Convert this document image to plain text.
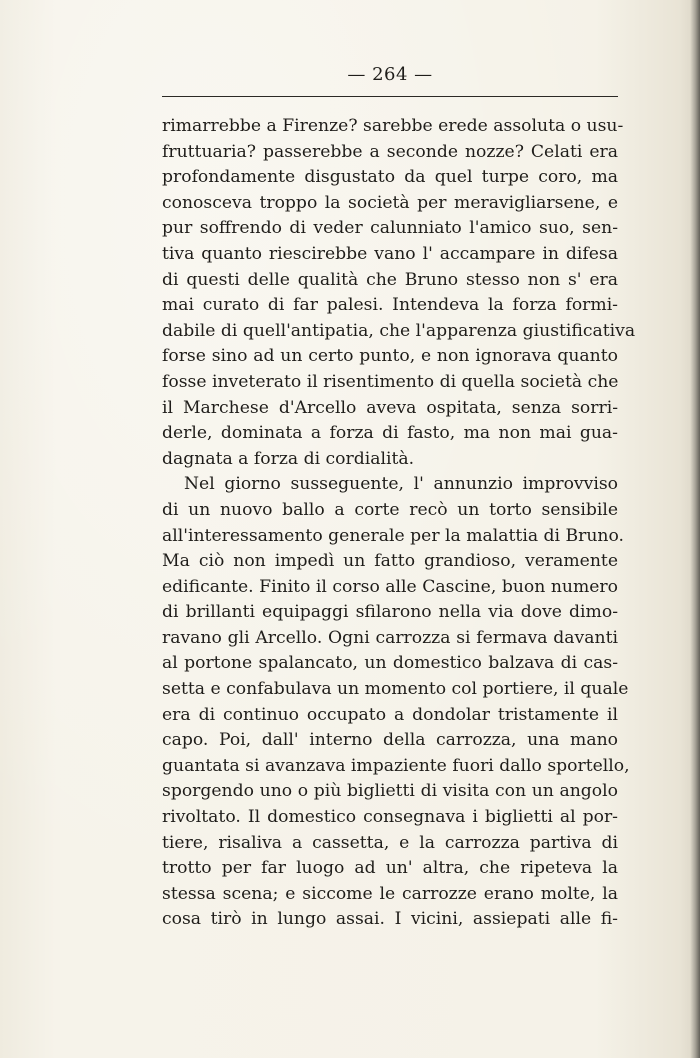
— 264 —
rimarrebbe a Firenze? sarebbe erede assoluta o usu-
fruttuaria? passerebbe a seconde nozze? Celati era
profondamente disgustato da quel turpe coro, ma
conosceva troppo la società per meravigliarsene, e
pur soffrendo di veder calunniato l'amico suo, sen-
tiva quanto riescirebbe vano l' accampare in difesa
di questi delle qualità che Bruno stesso non s' era
mai curato di far palesi. Intendeva la forza formi-
dabile di quell'antipatia, che l'apparenza giustificativa
forse sino ad un certo punto, e non ignorava quanto
fosse inveterato il risentimento di quella società che
il Marchese d'Arcello aveva ospitata, senza sorri-
derle, dominata a forza di fasto, ma non mai gua-
dagnata a forza di cordialità.
Nel giorno susseguente, l' annunzio improvviso
di un nuovo ballo a corte recò un torto sensibile
all'interessamento generale per la malattia di Bruno.
Ma ciò non impedì un fatto grandioso, veramente
edificante. Finito il corso alle Cascine, buon numero
di brillanti equipaggi sfilarono nella via dove dimo-
ravano gli Arcello. Ogni carrozza si fermava davanti
al portone spalancato, un domestico balzava di cas-
setta e confabulava un momento col portiere, il quale
era di continuo occupato a dondolar tristamente il
capo. Poi, dall' interno della carrozza, una mano
guantata si avanzava impaziente fuori dallo sportello,
sporgendo uno o più biglietti di visita con un angolo
rivoltato. Il domestico consegnava i biglietti al por-
tiere, risaliva a cassetta, e la carrozza partiva di
trotto per far luogo ad un' altra, che ripeteva la
stessa scena; e siccome le carrozze erano molte, la
cosa tirò in lungo assai. I vicini, assiepati alle fi-
